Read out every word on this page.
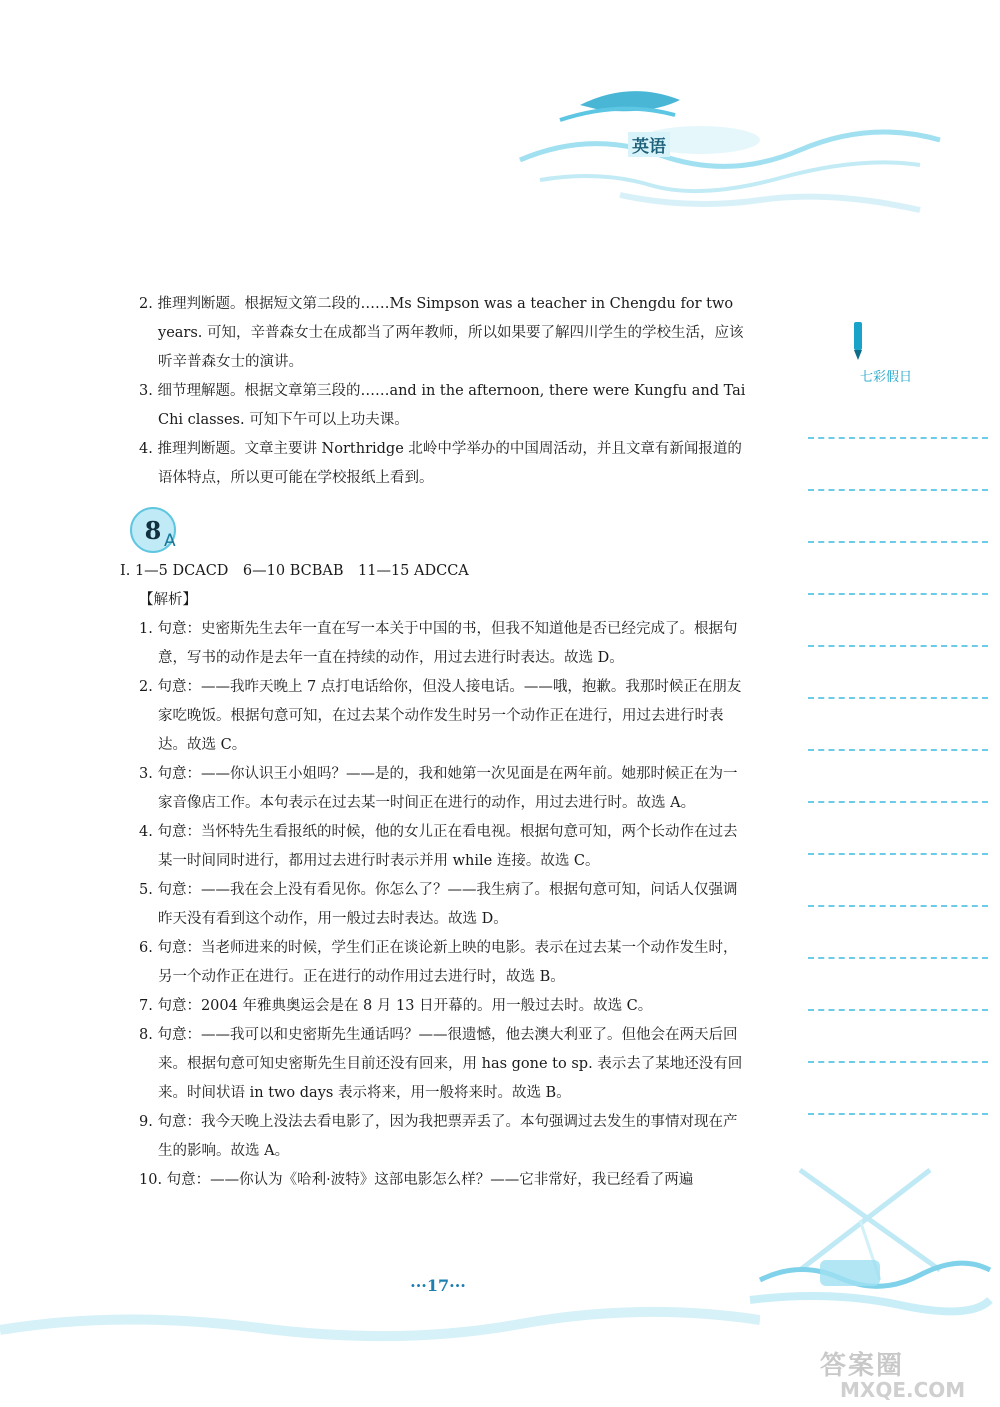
英语
七彩假日

2. 推理判断题。根据短文第二段的……Ms Simpson was a teacher in Chengdu for two years. 可知，辛普森女士在成都当了两年教师，所以如果要了解四川学生的学校生活，应该听辛普森女士的演讲。

3. 细节理解题。根据文章第三段的……and in the afternoon, there were Kungfu and Tai Chi classes. 可知下午可以上功夫课。

4. 推理判断题。文章主要讲 Northridge 北岭中学举办的中国周活动，并且文章有新闻报道的语体特点，所以更可能在学校报纸上看到。

8 A

Ⅰ. 1—5 DCACD　6—10 BCBAB　11—15 ADCCA

【解析】

1. 句意：史密斯先生去年一直在写一本关于中国的书，但我不知道他是否已经完成了。根据句意，写书的动作是去年一直在持续的动作，用过去进行时表达。故选 D。

2. 句意：——我昨天晚上 7 点打电话给你，但没人接电话。——哦，抱歉。我那时候正在朋友家吃晚饭。根据句意可知，在过去某个动作发生时另一个动作正在进行，用过去进行时表达。故选 C。

3. 句意：——你认识王小姐吗？——是的，我和她第一次见面是在两年前。她那时候正在为一家音像店工作。本句表示在过去某一时间正在进行的动作，用过去进行时。故选 A。

4. 句意：当怀特先生看报纸的时候，他的女儿正在看电视。根据句意可知，两个长动作在过去某一时间同时进行，都用过去进行时表示并用 while 连接。故选 C。

5. 句意：——我在会上没有看见你。你怎么了？——我生病了。根据句意可知，问话人仅强调昨天没有看到这个动作，用一般过去时表达。故选 D。

6. 句意：当老师进来的时候，学生们正在谈论新上映的电影。表示在过去某一个动作发生时，另一个动作正在进行。正在进行的动作用过去进行时，故选 B。

7. 句意：2004 年雅典奥运会是在 8 月 13 日开幕的。用一般过去时。故选 C。

8. 句意：——我可以和史密斯先生通话吗？——很遗憾，他去澳大利亚了。但他会在两天后回来。根据句意可知史密斯先生目前还没有回来，用 has gone to sp. 表示去了某地还没有回来。时间状语 in two days 表示将来，用一般将来时。故选 B。

9. 句意：我今天晚上没法去看电影了，因为我把票弄丢了。本句强调过去发生的事情对现在产生的影响。故选 A。

10. 句意：——你认为《哈利·波特》这部电影怎么样？——它非常好，我已经看了两遍

···17···
答案圈
MXQE.COM
